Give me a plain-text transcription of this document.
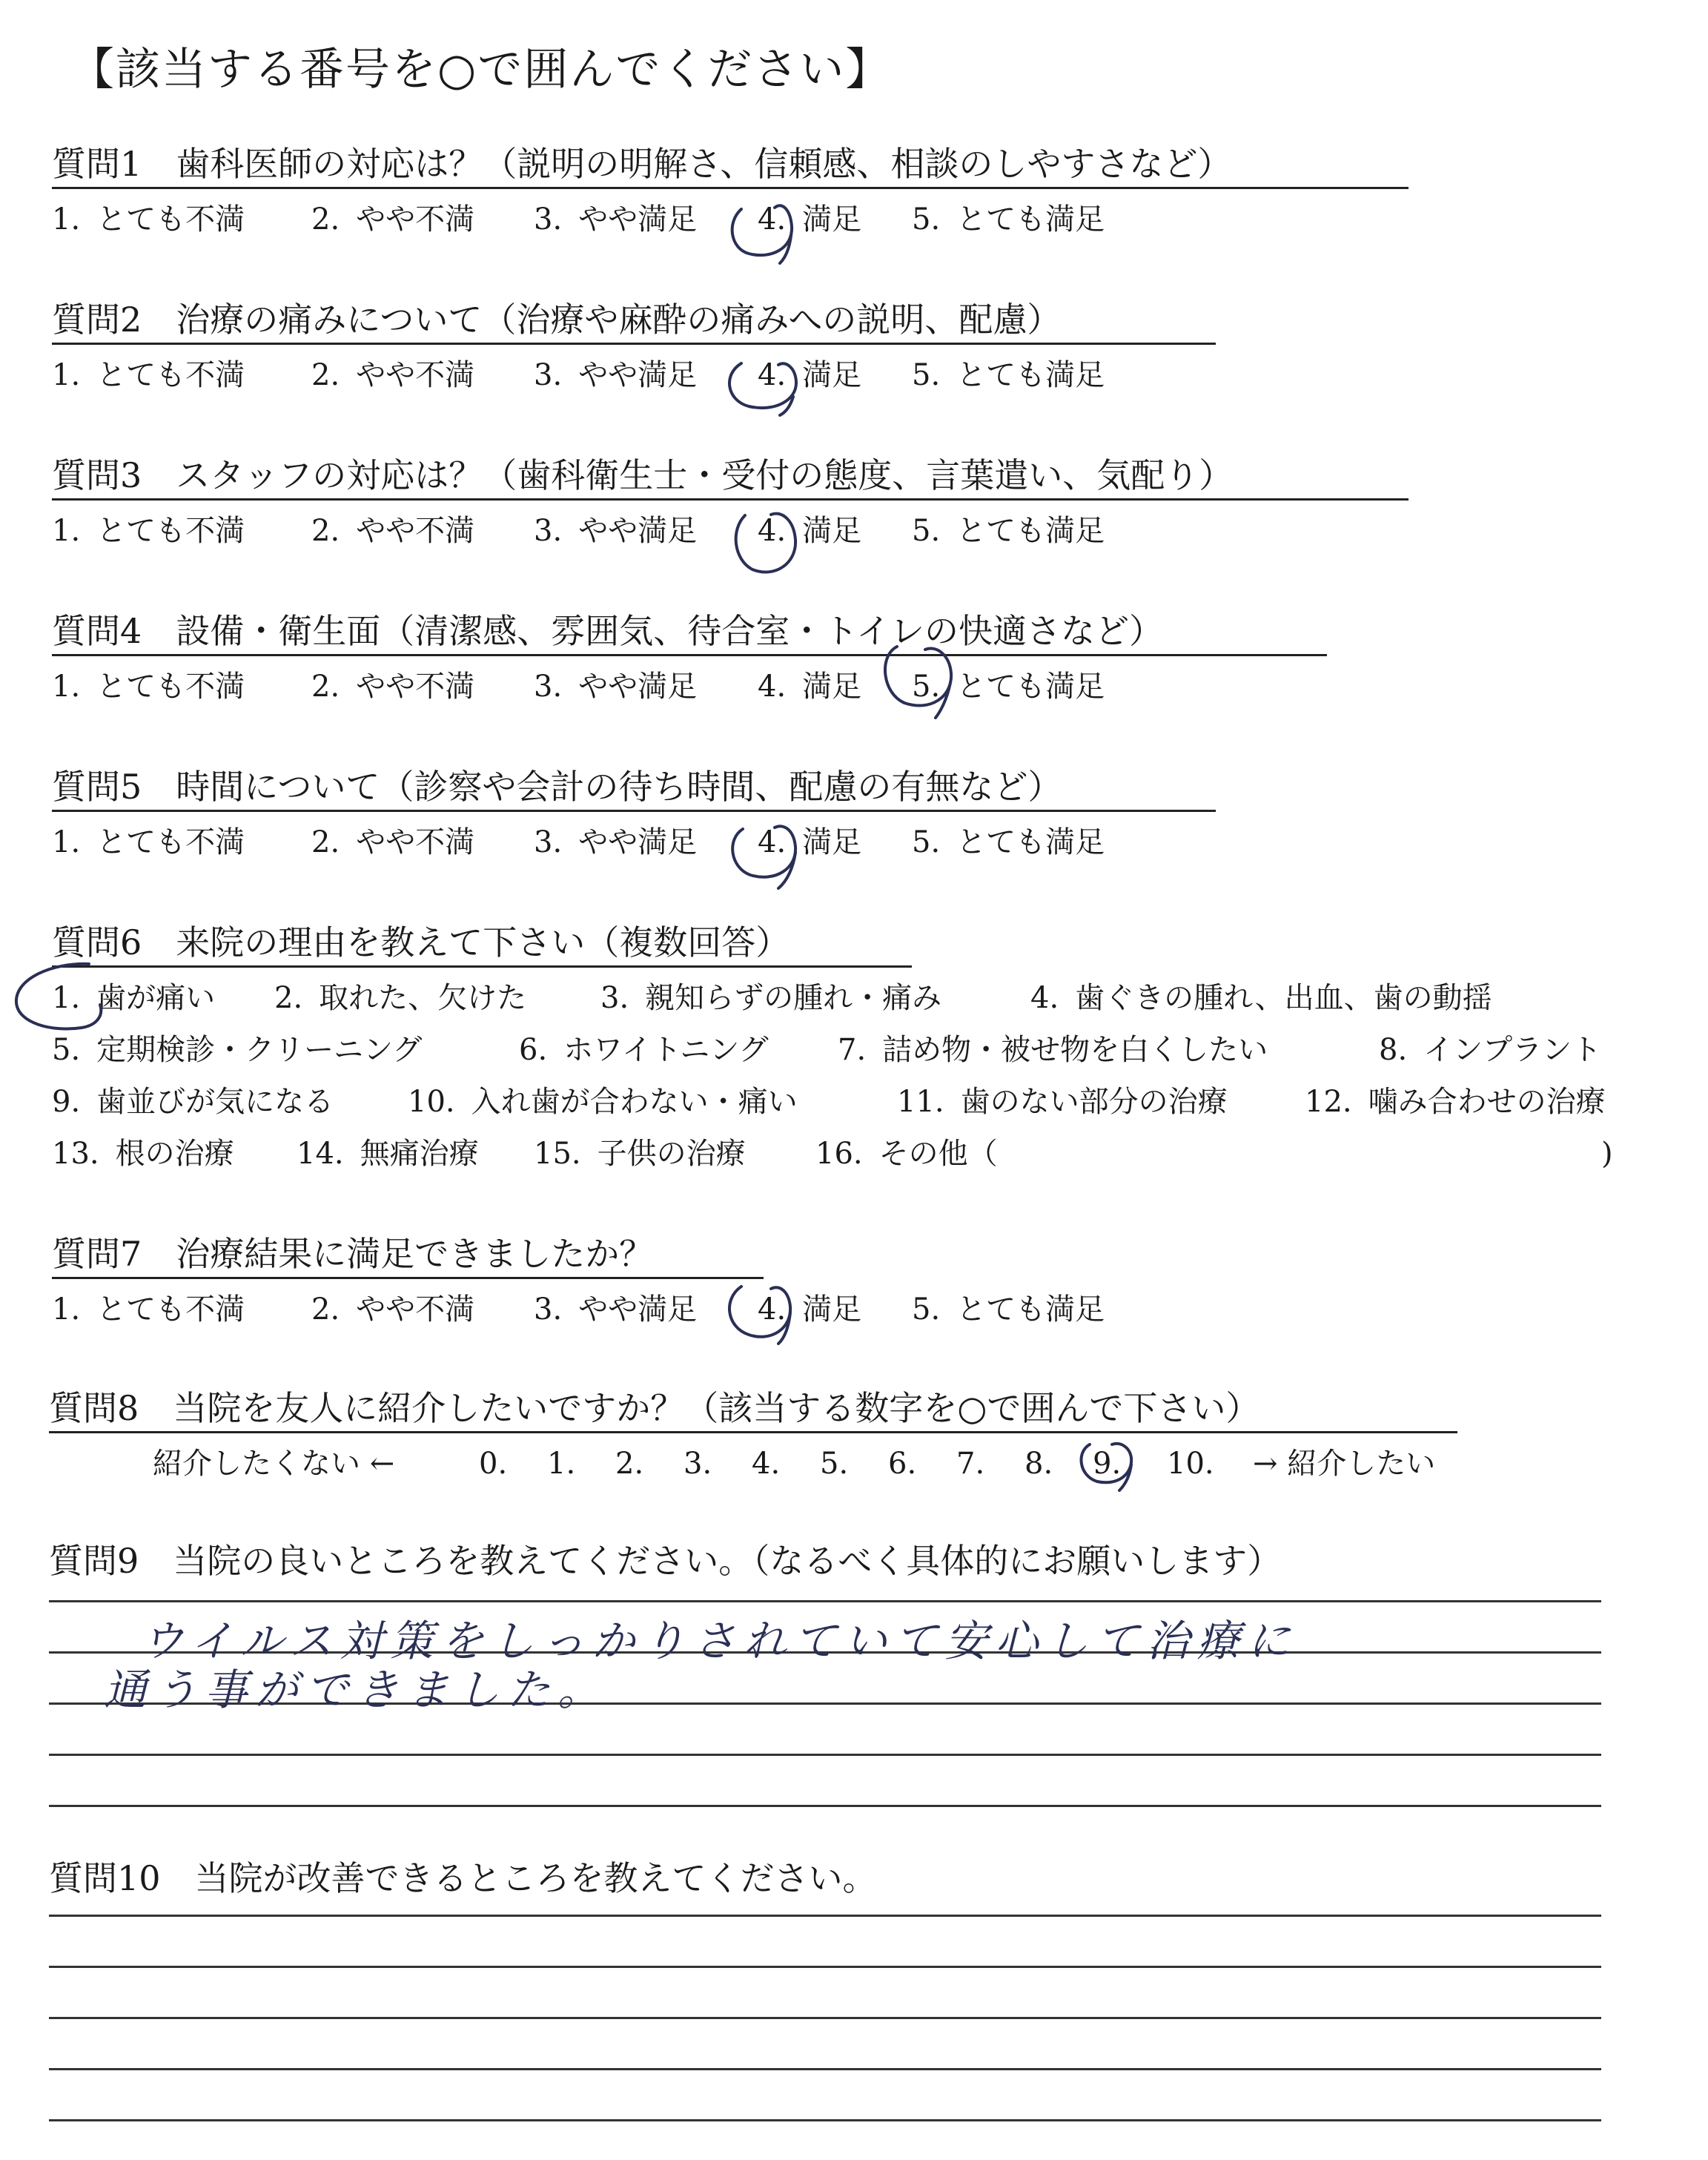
【該当する番号を○で囲んでください】
質問1　歯科医師の対応は？（説明の明解さ、信頼感、相談のしやすさなど）
1. とても不満 2. やや不満 3. やや満足 4. 満足 5. とても満足
質問2　治療の痛みについて（治療や麻酔の痛みへの説明、配慮）
1. とても不満 2. やや不満 3. やや満足 4. 満足 5. とても満足
質問3　スタッフの対応は？（歯科衛生士・受付の態度、言葉遣い、気配り）
1. とても不満 2. やや不満 3. やや満足 4. 満足 5. とても満足
質問4　設備・衛生面（清潔感、雰囲気、待合室・トイレの快適さなど）
1. とても不満 2. やや不満 3. やや満足 4. 満足 5. とても満足
質問5　時間について（診察や会計の待ち時間、配慮の有無など）
1. とても不満 2. やや不満 3. やや満足 4. 満足 5. とても満足
質問6　来院の理由を教えて下さい（複数回答）
1. 歯が痛い 2. 取れた、欠けた 3. 親知らずの腫れ・痛み	4. 歯ぐきの腫れ、出血、歯の動揺
5. 定期検診・クリーニング	6. ホワイトニング 7. 詰め物・被せ物を白くしたい	8. インプラント
9. 歯並びが気になる 10. 入れ歯が合わない・痛い	11. 歯のない部分の治療	12. 噛み合わせの治療
13. 根の治療 14. 無痛治療 15. 子供の治療 16. その他（	)
質問7　治療結果に満足できましたか？
1. とても不満 2. やや不満 3. やや満足 4. 満足 5. とても満足
質問8　当院を友人に紹介したいですか？（該当する数字を○で囲んで下さい）
紹介したくない ←	0. 1. 2. 3. 4. 5. 6. 7. 8. 9. 10. → 紹介したい
質問9　当院の良いところを教えてください。（なるべく具体的にお願いします）
ウイルス対策をしっかりされていて安心して治療に
通う事ができました。
質問10　当院が改善できるところを教えてください。
